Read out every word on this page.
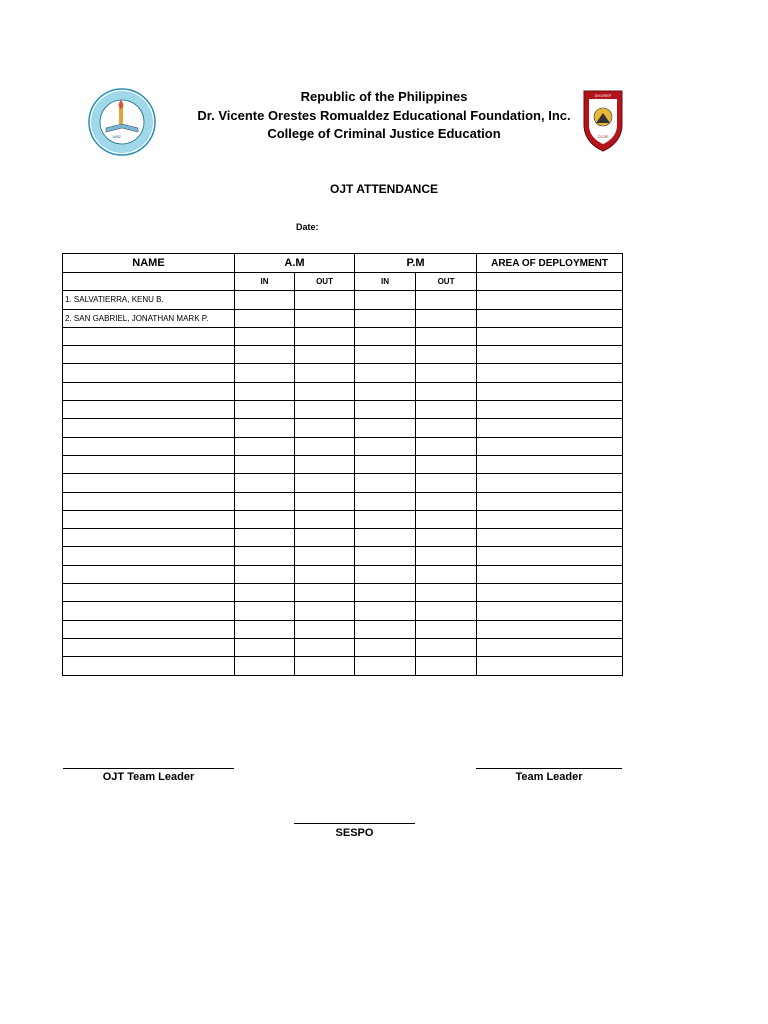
Republic of the Philippines
Dr. Vicente Orestes Romualdez Educational Foundation, Inc.
College of Criminal Justice Education
1952
DVOREF
CCJE
OJT ATTENDANCE
Date:
NAME	A.M		P.M		AREA OF DEPLOYMENT
	IN	OUT	IN	OUT	
1. SALVATIERRA, KENU B.					
2. SAN GABRIEL, JONATHAN MARK P.					

OJT Team Leader	Team Leader
SESPO
